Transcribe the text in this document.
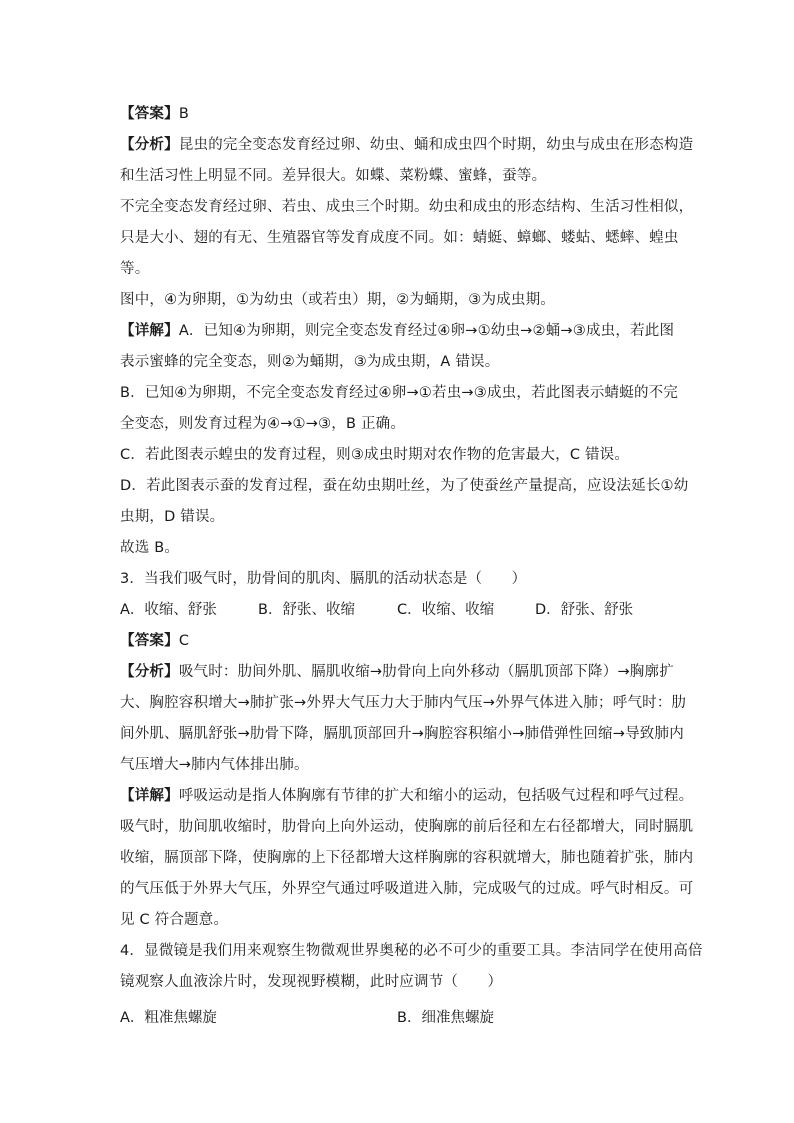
【答案】B
【分析】昆虫的完全变态发育经过卵、幼虫、蛹和成虫四个时期，幼虫与成虫在形态构造
和生活习性上明显不同。差异很大。如蝶、菜粉蝶、蜜蜂，蚕等。
不完全变态发育经过卵、若虫、成虫三个时期。幼虫和成虫的形态结构、生活习性相似，
只是大小、翅的有无、生殖器官等发育成度不同。如：蜻蜓、蟑螂、蝼蛄、蟋蟀、蝗虫
等。
图中，④为卵期，①为幼虫（或若虫）期，②为蛹期，③为成虫期。
【详解】A．已知④为卵期，则完全变态发育经过④卵→①幼虫→②蛹→③成虫，若此图
表示蜜蜂的完全变态，则②为蛹期，③为成虫期，A 错误。
B．已知④为卵期，不完全变态发育经过④卵→①若虫→③成虫，若此图表示蜻蜓的不完
全变态，则发育过程为④→①→③，B 正确。
C．若此图表示蝗虫的发育过程，则③成虫时期对农作物的危害最大，C 错误。
D．若此图表示蚕的发育过程，蚕在幼虫期吐丝，为了使蚕丝产量提高，应设法延长①幼
虫期，D 错误。
故选 B。
3．当我们吸气时，肋骨间的肌肉、膈肌的活动状态是（　　）
A．收缩、舒张	B．舒张、收缩	C．收缩、收缩	D．舒张、舒张
【答案】C
【分析】吸气时：肋间外肌、膈肌收缩→肋骨向上向外移动（膈肌顶部下降）→胸廓扩
大、胸腔容积增大→肺扩张→外界大气压力大于肺内气压→外界气体进入肺；呼气时：肋
间外肌、膈肌舒张→肋骨下降，膈肌顶部回升→胸腔容积缩小→肺借弹性回缩→导致肺内
气压增大→肺内气体排出肺。
【详解】呼吸运动是指人体胸廓有节律的扩大和缩小的运动，包括吸气过程和呼气过程。
吸气时，肋间肌收缩时，肋骨向上向外运动，使胸廓的前后径和左右径都增大，同时膈肌
收缩，膈顶部下降，使胸廓的上下径都增大这样胸廓的容积就增大，肺也随着扩张，肺内
的气压低于外界大气压，外界空气通过呼吸道进入肺，完成吸气的过成。呼气时相反。可
见 C 符合题意。
4．显微镜是我们用来观察生物微观世界奥秘的必不可少的重要工具。李洁同学在使用高倍
镜观察人血液涂片时，发现视野模糊，此时应调节（　　）
A．粗准焦螺旋	B．细准焦螺旋
